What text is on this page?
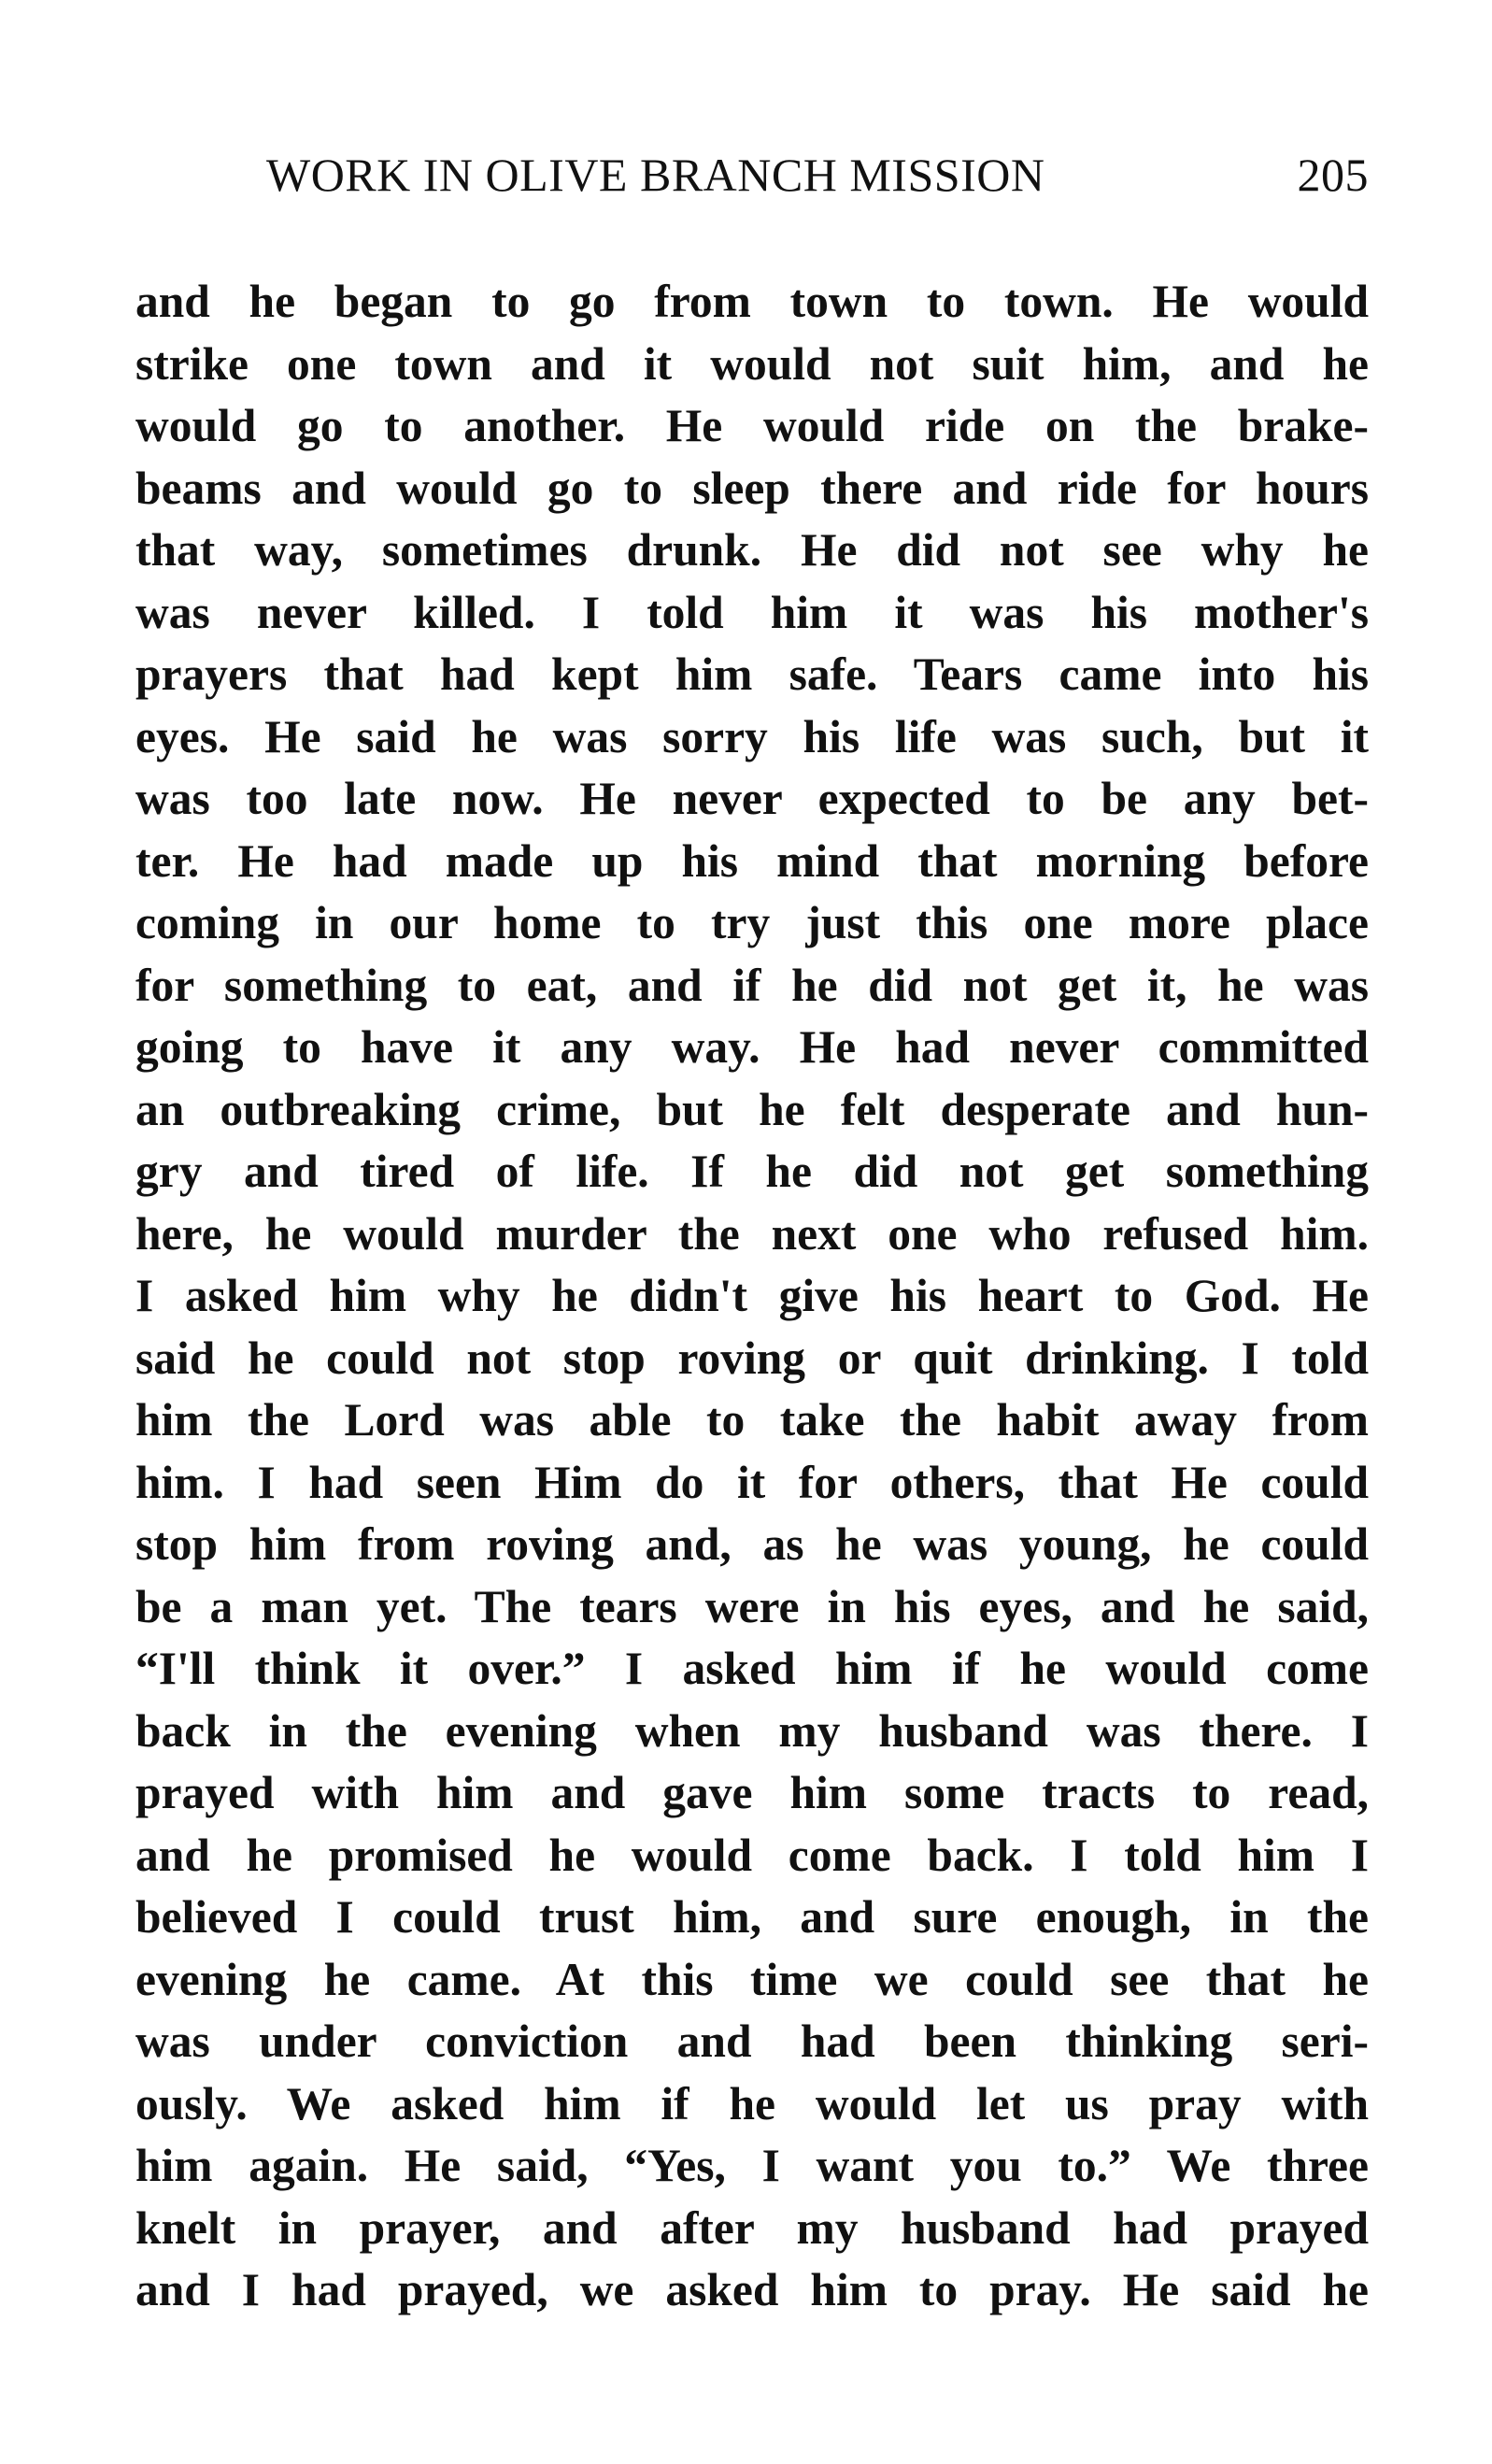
WORK IN OLIVE BRANCH MISSION	205
and he began to go from town to town. He would
strike one town and it would not suit him, and he
would go to another. He would ride on the brake-
beams and would go to sleep there and ride for hours
that way, sometimes drunk. He did not see why he
was never killed. I told him it was his mother's
prayers that had kept him safe. Tears came into his
eyes. He said he was sorry his life was such, but it
was too late now. He never expected to be any bet-
ter. He had made up his mind that morning before
coming in our home to try just this one more place
for something to eat, and if he did not get it, he was
going to have it any way. He had never committed
an outbreaking crime, but he felt desperate and hun-
gry and tired of life. If he did not get something
here, he would murder the next one who refused him.
I asked him why he didn't give his heart to God. He
said he could not stop roving or quit drinking. I told
him the Lord was able to take the habit away from
him. I had seen Him do it for others, that He could
stop him from roving and, as he was young, he could
be a man yet. The tears were in his eyes, and he said,
“I'll think it over.” I asked him if he would come
back in the evening when my husband was there. I
prayed with him and gave him some tracts to read,
and he promised he would come back. I told him I
believed I could trust him, and sure enough, in the
evening he came. At this time we could see that he
was under conviction and had been thinking seri-
ously. We asked him if he would let us pray with
him again. He said, “Yes, I want you to.” We three
knelt in prayer, and after my husband had prayed
and I had prayed, we asked him to pray. He said he
